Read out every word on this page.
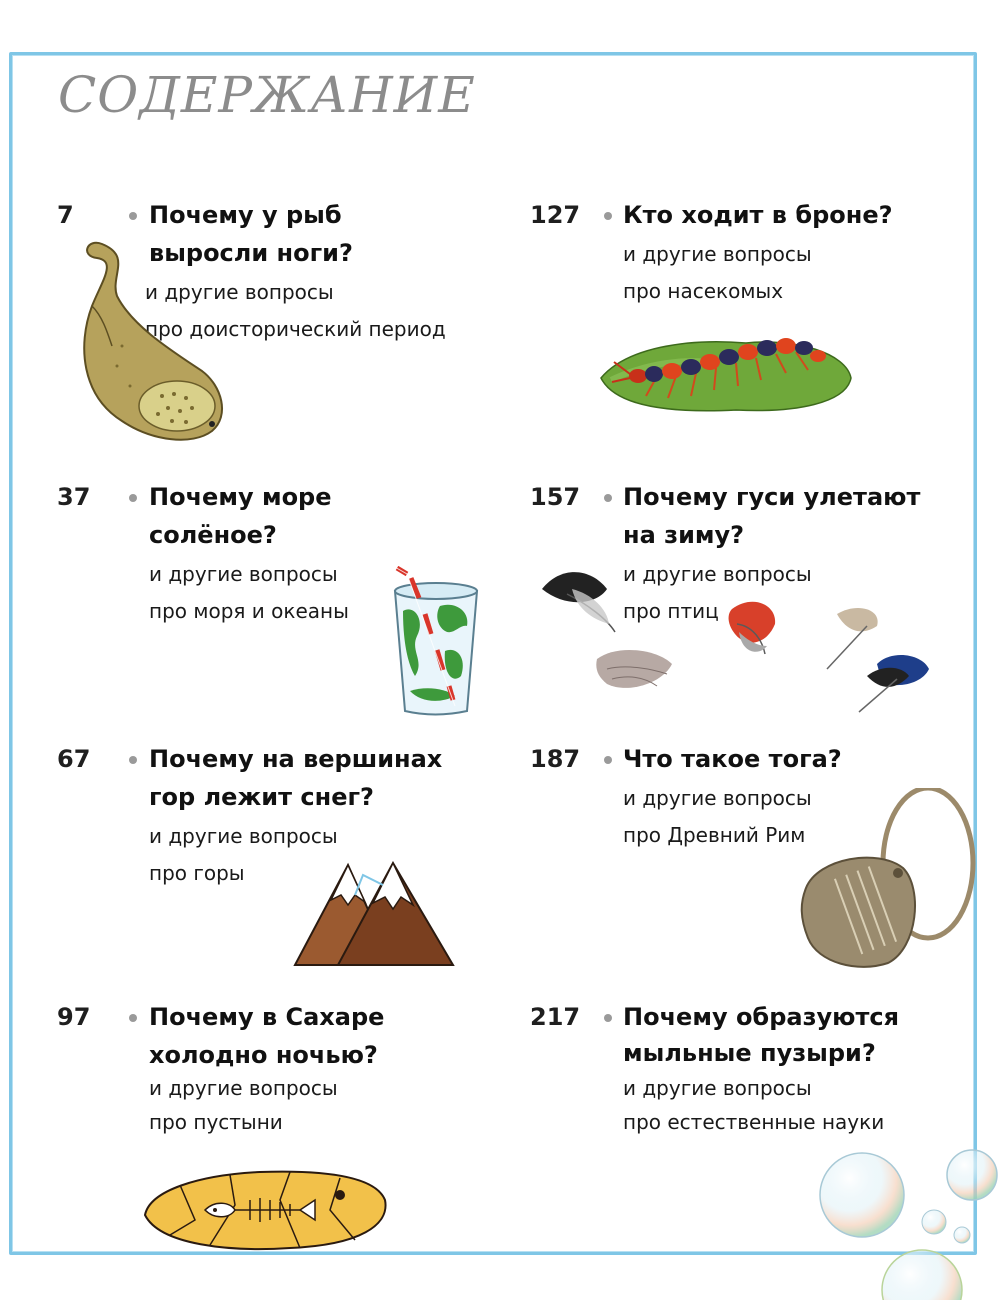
СОДЕРЖАНИЕ
7	Почему у рыб

выросли ноги?

и другие вопросы
про доисторический период
37 Почему море

солёное?

и другие вопросы
про моря и океаны
67 Почему на вершинах

гор лежит снег?

и другие вопросы
про горы
97 Почему в Сахаре

холодно ночью?

и другие вопросы
про пустыни
127 Кто ходит в броне?

и другие вопросы
про насекомых
157 Почему гуси улетают

на зиму?

и другие вопросы
про птиц
187 Что такое тога?

и другие вопросы
про Древний Рим
217 Почему образуются

мыльные пузыри?

и другие вопросы
про естественные науки
